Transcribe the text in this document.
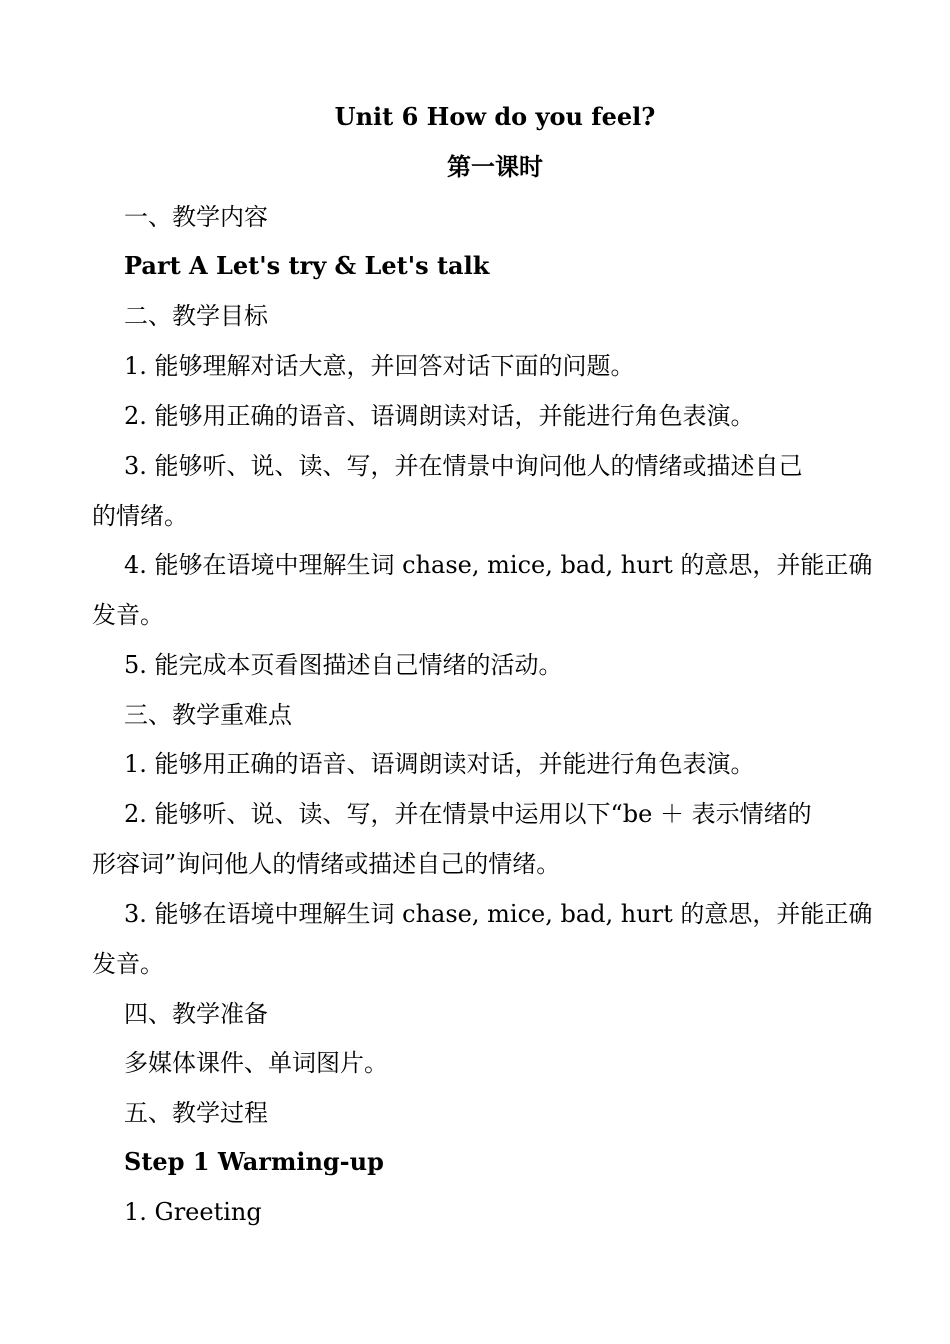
Unit 6 How do you feel?
第一课时
一、教学内容
Part A Let's try & Let's talk
二、教学目标
1. 能够理解对话大意，并回答对话下面的问题。
2. 能够用正确的语音、语调朗读对话，并能进行角色表演。
3. 能够听、说、读、写，并在情景中询问他人的情绪或描述自己
的情绪。
4. 能够在语境中理解生词 chase, mice, bad, hurt 的意思，并能正确
发音。
5. 能完成本页看图描述自己情绪的活动。
三、教学重难点
1. 能够用正确的语音、语调朗读对话，并能进行角色表演。
2. 能够听、说、读、写，并在情景中运用以下“be ＋ 表示情绪的
形容词”询问他人的情绪或描述自己的情绪。
3. 能够在语境中理解生词 chase, mice, bad, hurt 的意思，并能正确
发音。
四、教学准备
多媒体课件、单词图片。
五、教学过程
Step 1 Warming-up
1. Greeting
